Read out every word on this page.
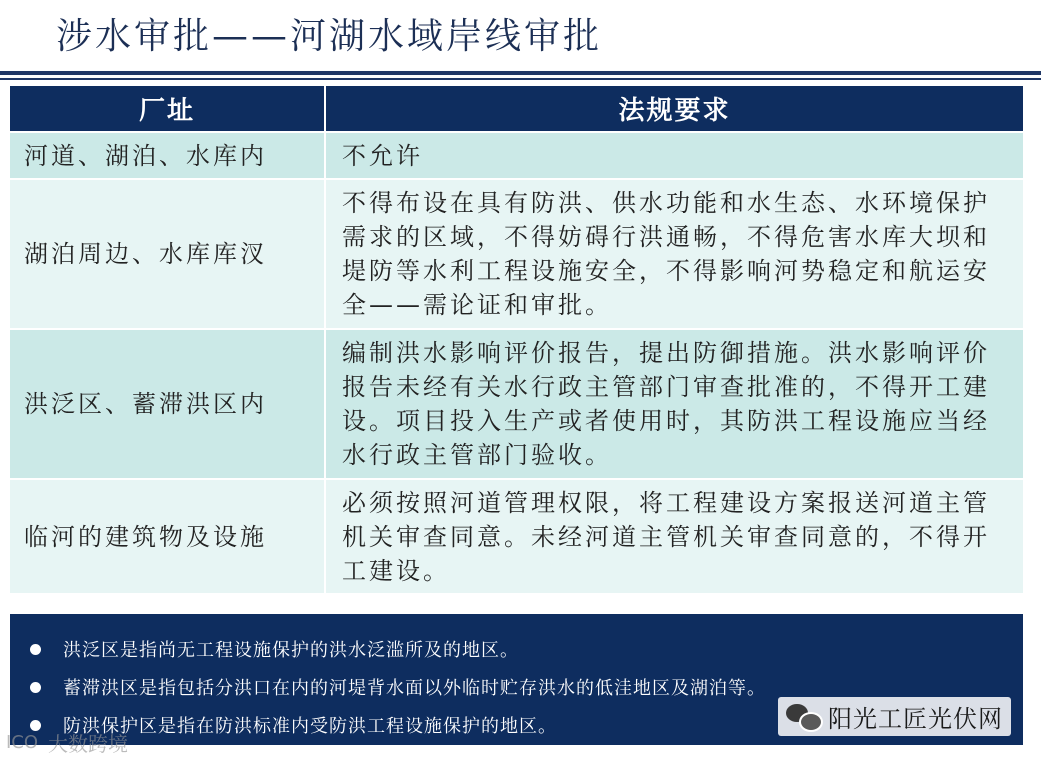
涉水审批——河湖水域岸线审批
厂址	法规要求
河道、湖泊、水库内	不允许
湖泊周边、水库库汊	不得布设在具有防洪、供水功能和水生态、水环境保护需求的区域，不得妨碍行洪通畅，不得危害水库大坝和堤防等水利工程设施安全，不得影响河势稳定和航运安全——需论证和审批。
洪泛区、蓄滞洪区内	编制洪水影响评价报告，提出防御措施。洪水影响评价报告未经有关水行政主管部门审查批准的，不得开工建设。项目投入生产或者使用时，其防洪工程设施应当经水行政主管部门验收。
临河的建筑物及设施	必须按照河道管理权限，将工程建设方案报送河道主管机关审查同意。未经河道主管机关审查同意的，不得开工建设。
洪泛区是指尚无工程设施保护的洪水泛滥所及的地区。
蓄滞洪区是指包括分洪口在内的河堤背水面以外临时贮存洪水的低洼地区及湖泊等。
防洪保护区是指在防洪标准内受防洪工程设施保护的地区。	阳光工匠光伏网
ICO 大数跨境
